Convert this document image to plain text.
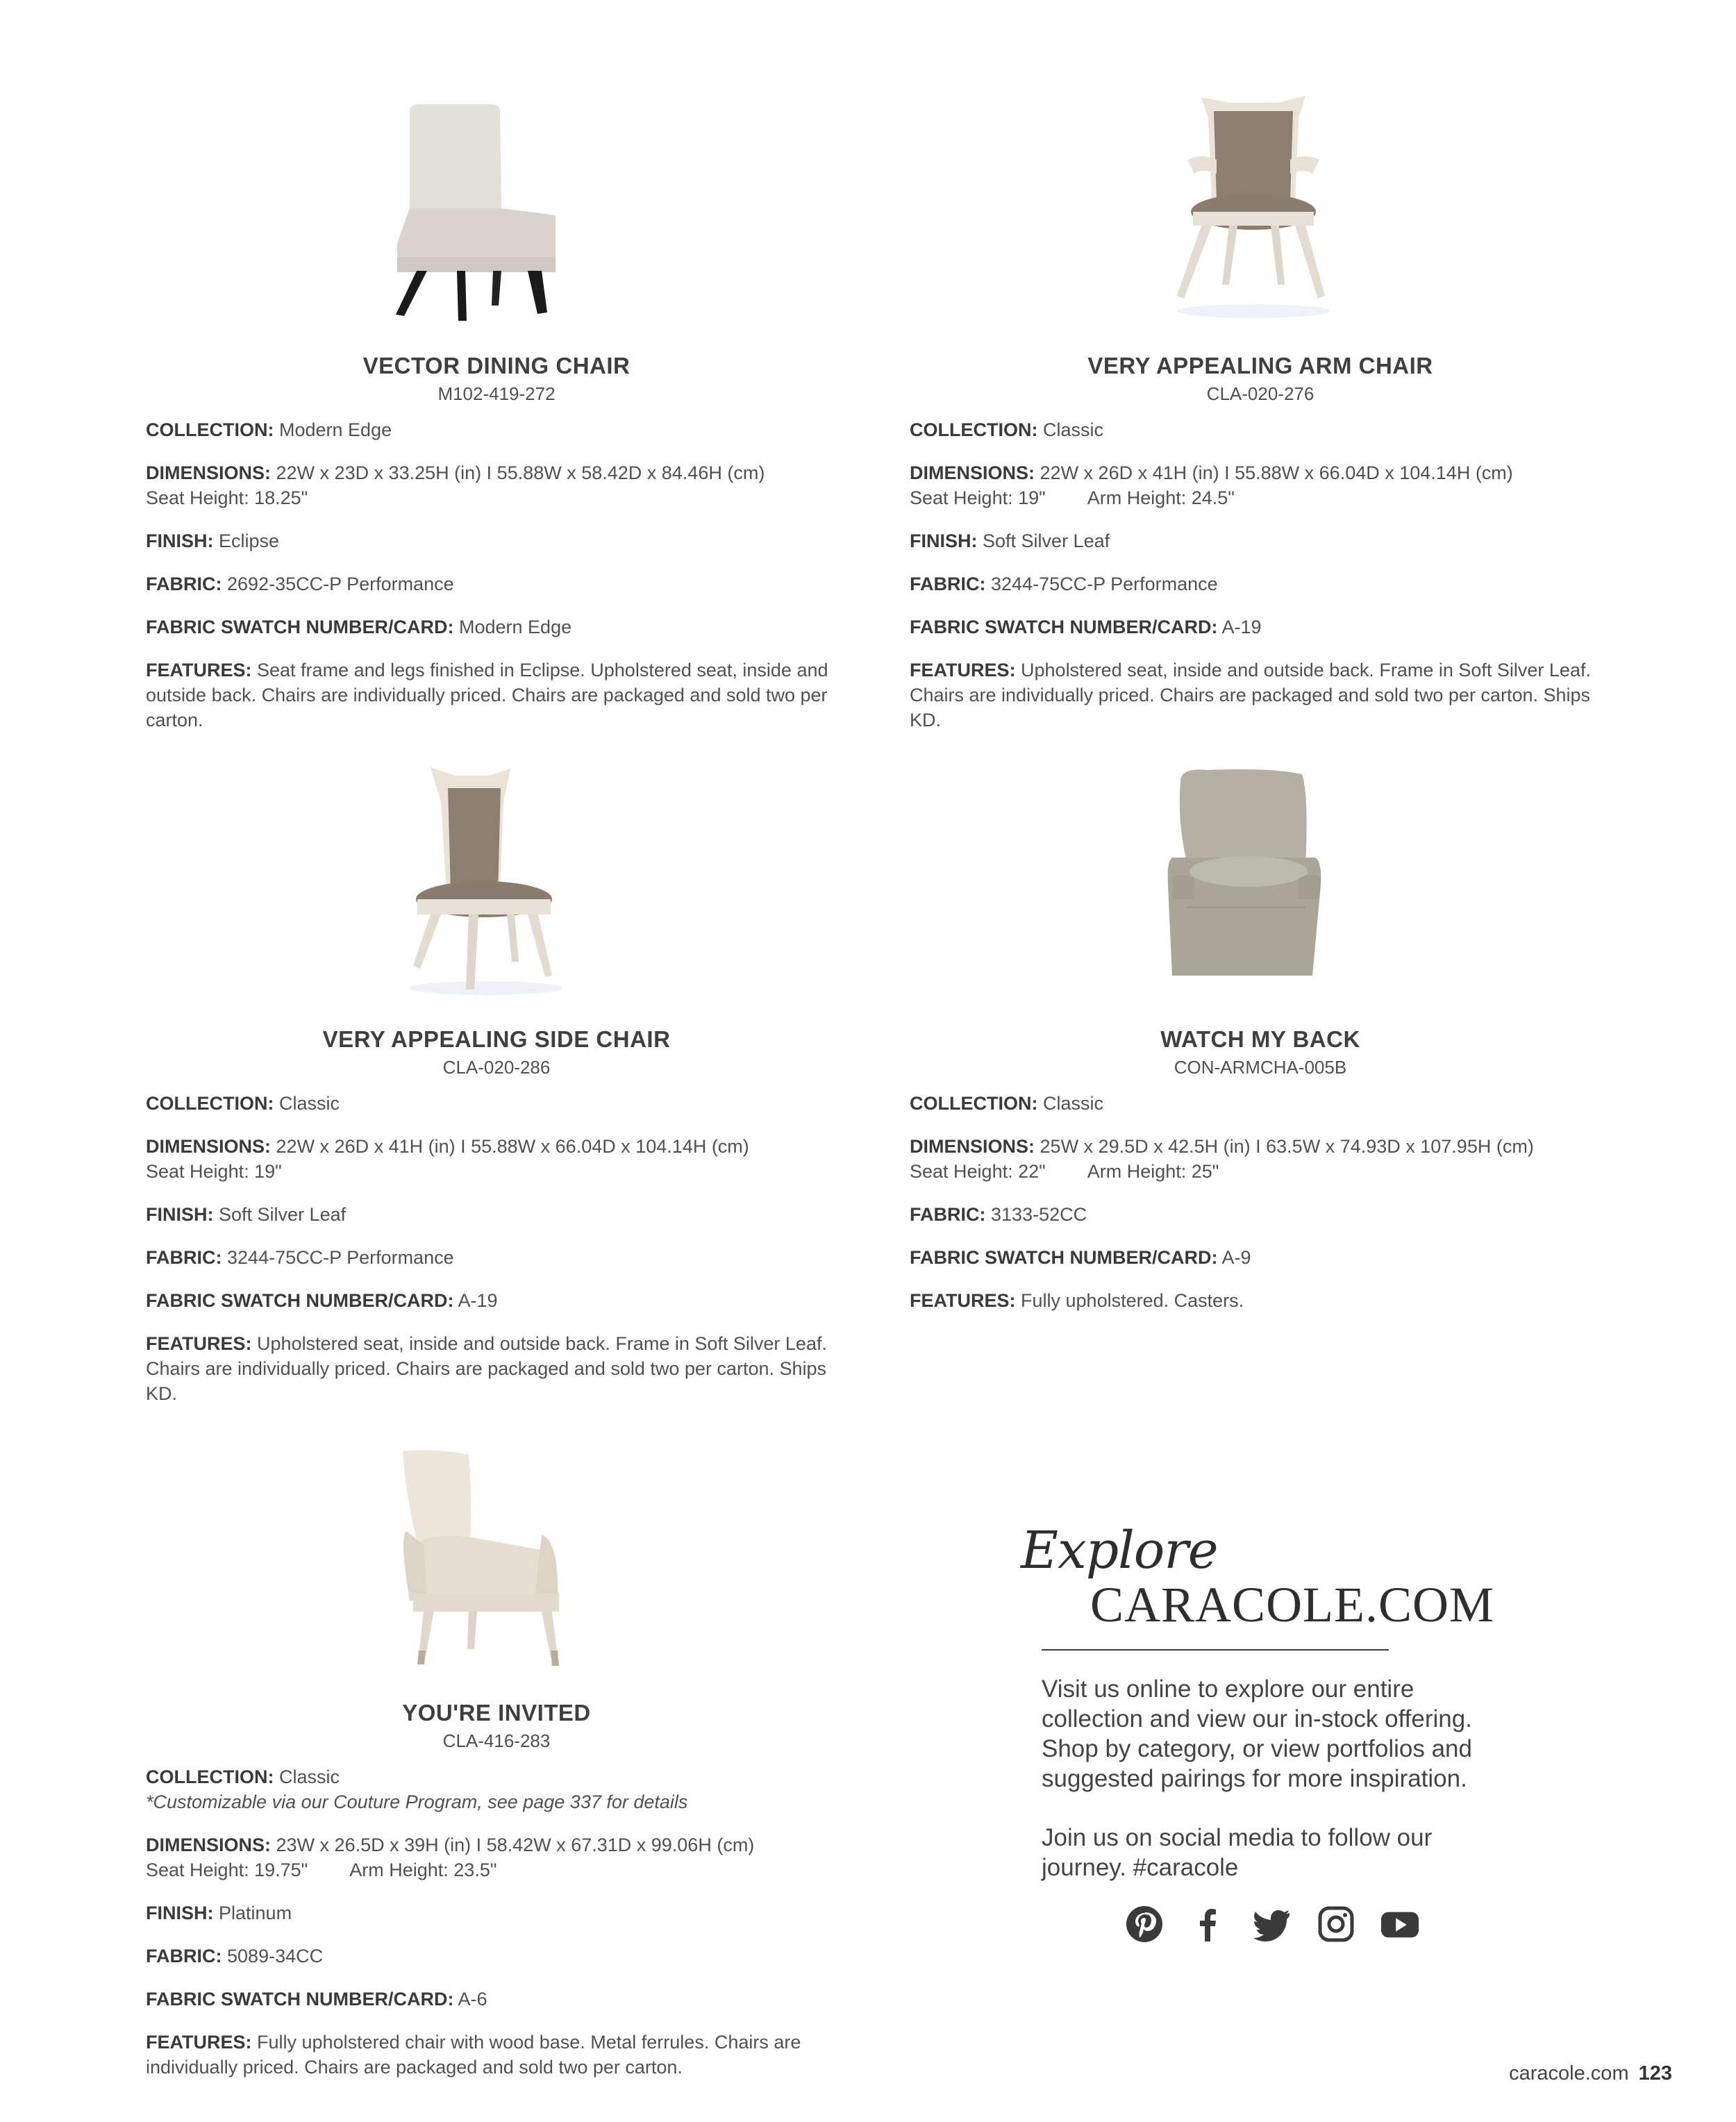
VECTOR DINING CHAIR
M102-419-272
COLLECTION: Modern Edge
DIMENSIONS: 22W x 23D x 33.25H (in) I 55.88W x 58.42D x 84.46H (cm)
Seat Height: 18.25"
FINISH: Eclipse
FABRIC: 2692-35CC-P Performance
FABRIC SWATCH NUMBER/CARD: Modern Edge
FEATURES: Seat frame and legs finished in Eclipse. Upholstered seat, inside and outside back. Chairs are individually priced. Chairs are packaged and sold two per carton.
VERY APPEALING ARM CHAIR
CLA-020-276
COLLECTION: Classic
DIMENSIONS: 22W x 26D x 41H (in) I 55.88W x 66.04D x 104.14H (cm)
Seat Height: 19" Arm Height: 24.5"
FINISH: Soft Silver Leaf
FABRIC: 3244-75CC-P Performance
FABRIC SWATCH NUMBER/CARD: A-19
FEATURES: Upholstered seat, inside and outside back. Frame in Soft Silver Leaf. Chairs are individually priced. Chairs are packaged and sold two per carton. Ships KD.
VERY APPEALING SIDE CHAIR
CLA-020-286
COLLECTION: Classic
DIMENSIONS: 22W x 26D x 41H (in) I 55.88W x 66.04D x 104.14H (cm)
Seat Height: 19"
FINISH: Soft Silver Leaf
FABRIC: 3244-75CC-P Performance
FABRIC SWATCH NUMBER/CARD: A-19
FEATURES: Upholstered seat, inside and outside back. Frame in Soft Silver Leaf. Chairs are individually priced. Chairs are packaged and sold two per carton. Ships KD.
WATCH MY BACK
CON-ARMCHA-005B
COLLECTION: Classic
DIMENSIONS: 25W x 29.5D x 42.5H (in) I 63.5W x 74.93D x 107.95H (cm)
Seat Height: 22" Arm Height: 25"
FABRIC: 3133-52CC
FABRIC SWATCH NUMBER/CARD: A-9
FEATURES: Fully upholstered. Casters.
YOU'RE INVITED
CLA-416-283
COLLECTION: Classic
*Customizable via our Couture Program, see page 337 for details
DIMENSIONS: 23W x 26.5D x 39H (in) I 58.42W x 67.31D x 99.06H (cm)
Seat Height: 19.75" Arm Height: 23.5"
FINISH: Platinum
FABRIC: 5089-34CC
FABRIC SWATCH NUMBER/CARD: A-6
FEATURES: Fully upholstered chair with wood base. Metal ferrules. Chairs are individually priced. Chairs are packaged and sold two per carton.
Explore
CARACOLE.COM
Visit us online to explore our entire collection and view our in-stock offering. Shop by category, or view portfolios and suggested pairings for more inspiration.
Join us on social media to follow our journey. #caracole
caracole.com 123
